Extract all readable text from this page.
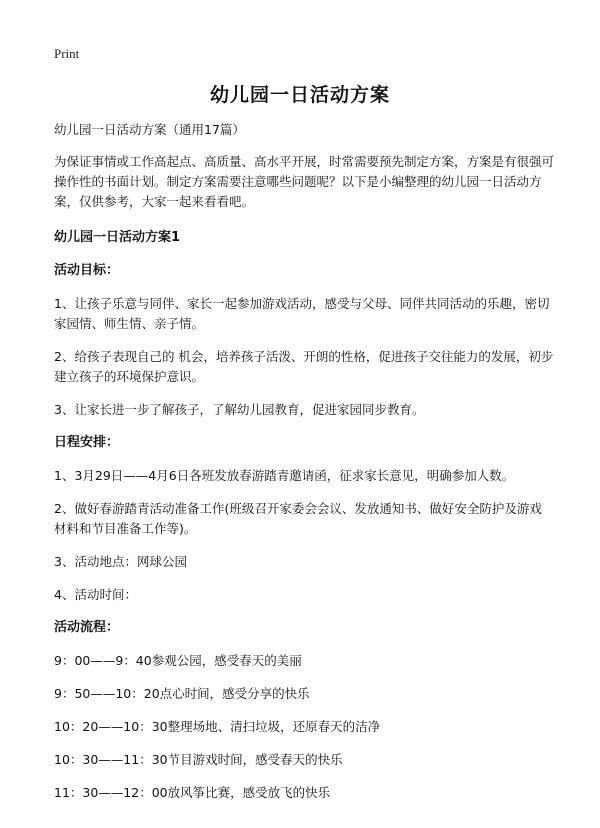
Print
幼儿园一日活动方案

幼儿园一日活动方案（通用17篇）

为保证事情或工作高起点、高质量、高水平开展，时常需要预先制定方案，方案是有很强可操作性的书面计划。制定方案需要注意哪些问题呢？以下是小编整理的幼儿园一日活动方案，仅供参考，大家一起来看看吧。

幼儿园一日活动方案1

活动目标：

1、让孩子乐意与同伴、家长一起参加游戏活动，感受与父母、同伴共同活动的乐趣，密切家园情、师生情、亲子情。

2、给孩子表现自己的 机会，培养孩子活泼、开朗的性格，促进孩子交往能力的发展，初步建立孩子的环境保护意识。

3、让家长进一步了解孩子，了解幼儿园教育，促进家园同步教育。

日程安排：

1、3月29日——4月6日各班发放春游踏青邀请函，征求家长意见，明确参加人数。

2、做好春游踏青活动准备工作(班级召开家委会会议、发放通知书、做好安全防护及游戏材料和节目准备工作等)。

3、活动地点：网球公园

4、活动时间：

活动流程：

9：00——9：40参观公园，感受春天的美丽

9：50——10：20点心时间，感受分享的快乐

10：20——10：30整理场地、清扫垃圾，还原春天的洁净

10：30——11：30节目游戏时间，感受春天的快乐

11：30——12：00放风筝比赛，感受放飞的快乐
